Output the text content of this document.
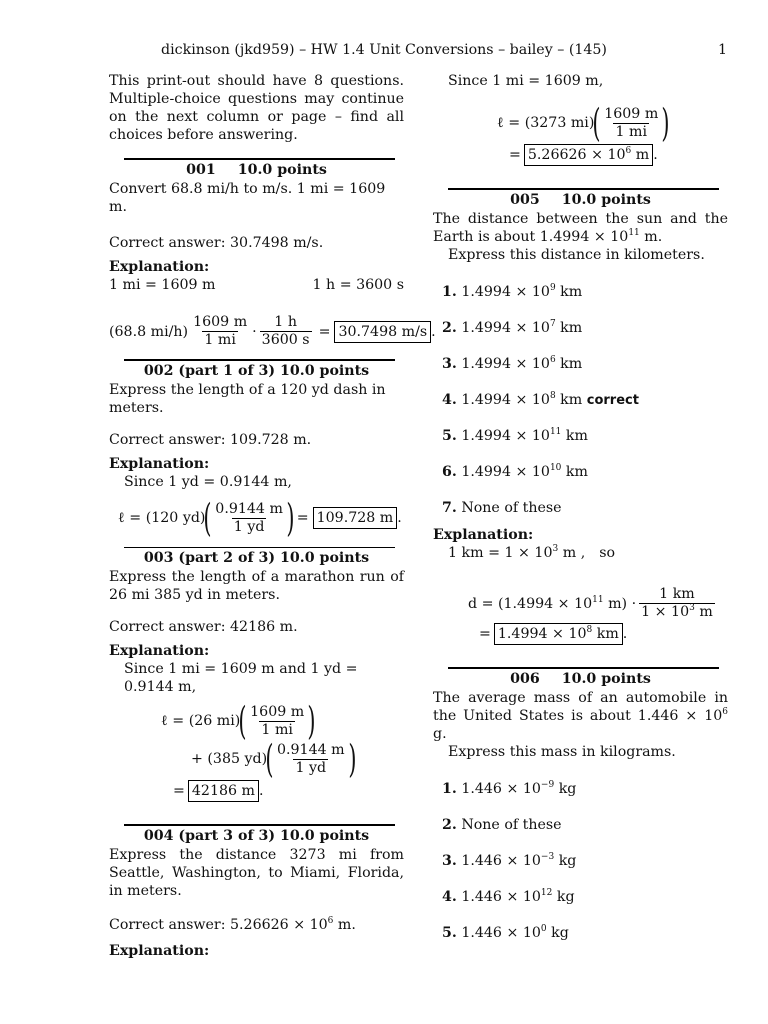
dickinson (jkd959) – HW 1.4 Unit Conversions – bailey – (145)	1
This print-out should have 8 questions. Multiple-choice questions may continue on the next column or page – find all choices before answering.
001 10.0 points
Convert 68.8 mi/h to m/s. 1 mi = 1609 m.
Correct answer: 30.7498 m/s.
Explanation:
1 mi = 1609 m	1 h = 3600 s
(68.8 $mi/h) \frac{1609 m}{1 mi} \cdot \frac{1 h}{3600 s} = 30.7498$ m/s .
002 (part 1 of 3) 10.0 points
Express the length of a 120 yd dash in meters.
Correct answer: 109.728 m.
Explanation:
Since 1 yd = 0.9144 m,
ℓ = (120 yd)
( $\frac{0.9144 m}{1 yd}$ ) = 109.728 m .
003 (part 2 of 3) 10.0 points
Express the length of a marathon run of 26 mi 385 yd in meters.
Correct answer: 42186 m.
Explanation:
Since 1 mi = 1609 m and 1 yd = 0.9144 m,
ℓ = (26 mi)
( $\frac{1609 m}{1 mi}$ )
+ (385 yd)
( $\frac{0.9144 m}{1 yd}$ )
= 42186 m .
004 (part 3 of 3) 10.0 points
Express the distance 3273 mi from Seattle, Washington, to Miami, Florida, in meters.
Correct answer: $5.26626 \times 10^6$ m.
Explanation:
Since 1 mi = 1609 m,
ℓ = (3273 mi)
( $\frac{1609 m}{1 mi}$ )
= $5.26626 \times 10^6$ m .
005 10.0 points
The distance between the sun and the Earth is about $1.4994 \times 10^{11}$ m.
Express this distance in kilometers.
1. $1.4994 \times 10^9$ km
2. $1.4994 \times 10^7$ km
3. $1.4994 \times 10^6$ km
4. $1.4994 \times 10^8$ km correct
5. $1.4994 \times 10^{11}$ km
6. $1.4994 \times 10^{10}$ km
7. None of these
Explanation:
1 km = $1 \times 10^3$ m , so
$d = (1.4994 \times 10^{11}$ $m) \cdot \frac{1 km}{1 \times 10^3 m}$
= $1.4994 \times 10^8$ km .
006 10.0 points
The average mass of an automobile in the United States is about $1.446 \times 10^6$ g.
Express this mass in kilograms.
1. $1.446 \times 10^{-9}$ kg
2. None of these
3. $1.446 \times 10^{-3}$ kg
4. $1.446 \times 10^{12}$ kg
5. $1.446 \times 10^0$ kg
